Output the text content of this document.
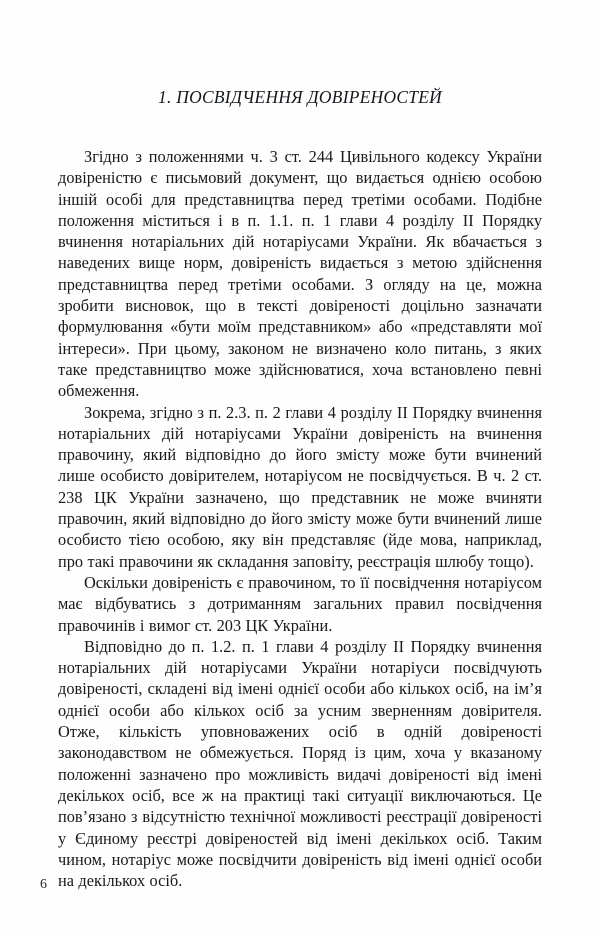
1. ПОСВІДЧЕННЯ ДОВІРЕНОСТЕЙ

Згідно з положеннями ч. 3 ст. 244 Цивільного кодексу України довіреністю є письмовий документ, що видається однією особою іншій особі для представництва перед третіми особами. Подібне положення міститься і в п. 1.1. п. 1 глави 4 розділу II Порядку вчинення нотаріальних дій нотаріусами України. Як вбачається з наведених вище норм, довіреність видається з метою здійснення представництва перед третіми особами. З огляду на це, можна зробити висновок, що в тексті довіреності доцільно зазначати формулювання «бути моїм представником» або «представляти мої інтереси». При цьому, законом не визначено коло питань, з яких таке представництво може здійснюватися, хоча встановлено певні обмеження.

Зокрема, згідно з п. 2.3. п. 2 глави 4 розділу II Порядку вчинення нотаріальних дій нотаріусами України довіреність на вчинення правочину, який відповідно до його змісту може бути вчинений лише особисто довірителем, нотаріусом не посвідчується. В ч. 2 ст. 238 ЦК України зазначено, що представник не може вчиняти правочин, який відповідно до його змісту може бути вчинений лише особисто тією особою, яку він представляє (йде мова, наприклад, про такі правочини як складання заповіту, реєстрація шлюбу тощо).

Оскільки довіреність є правочином, то її посвідчення нотаріусом має відбуватись з дотриманням загальних правил посвідчення правочинів і вимог ст. 203 ЦК України.

Відповідно до п. 1.2. п. 1 глави 4 розділу II Порядку вчинення нотаріальних дій нотаріусами України нотаріуси посвідчують довіреності, складені від імені однієї особи або кількох осіб, на ім’я однієї особи або кількох осіб за усним зверненням довірителя. Отже, кількість уповноважених осіб в одній довіреності законодавством не обмежується. Поряд із цим, хоча у вказаному положенні зазначено про можливість видачі довіреності від імені декількох осіб, все ж на практиці такі ситуації виключаються. Це пов’язано з відсутністю технічної можливості реєстрації довіреності у Єдиному реєстрі довіреностей від імені декількох осіб. Таким чином, нотаріус може посвідчити довіреність від імені однієї особи на декількох осіб.

6
